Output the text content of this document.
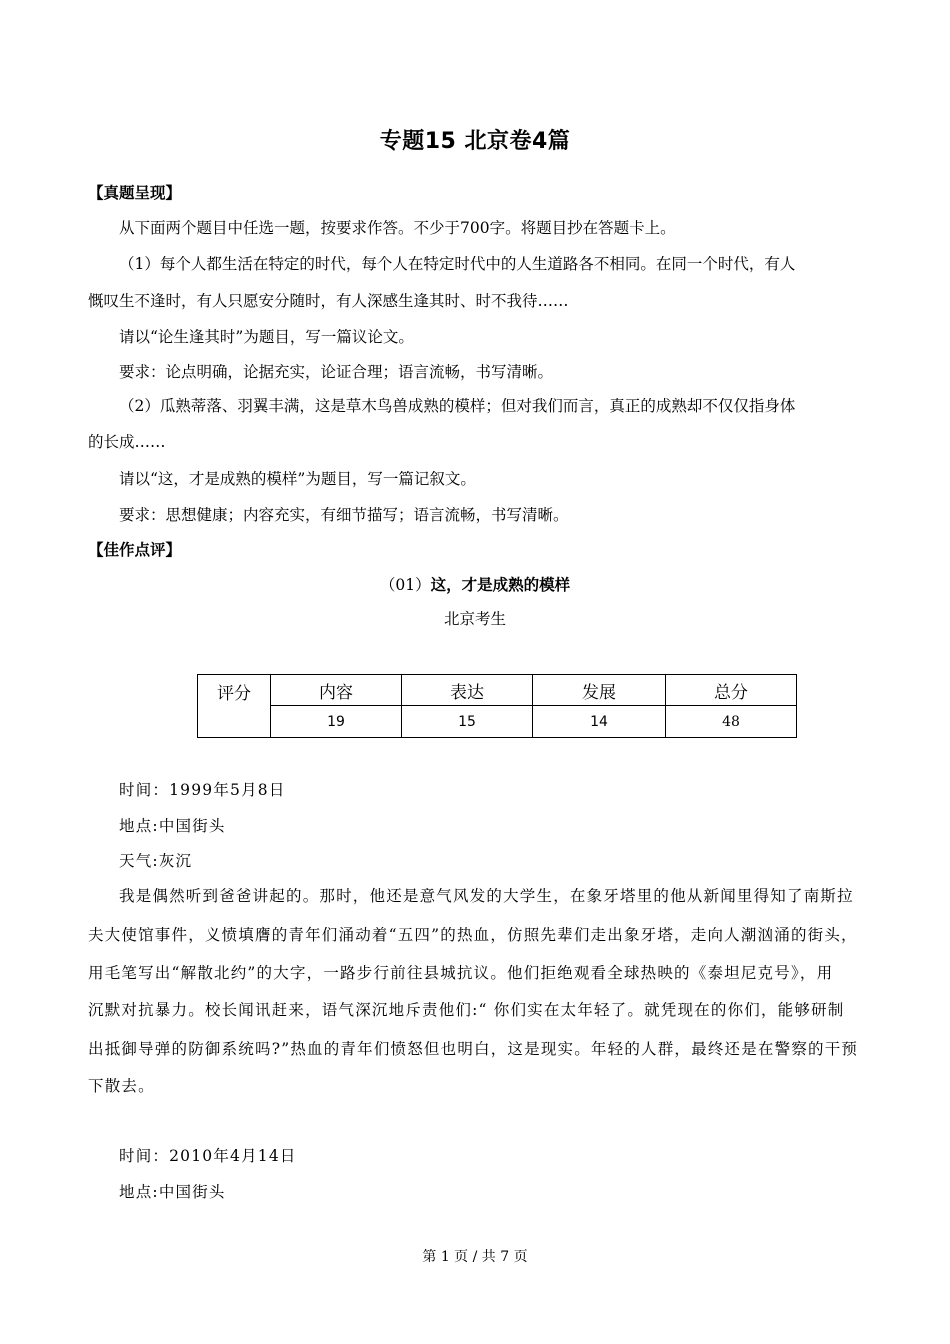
专题15 北京卷4篇
【真题呈现】
从下面两个题目中任选一题，按要求作答。不少于700字。将题目抄在答题卡上。
（1）每个人都生活在特定的时代，每个人在特定时代中的人生道路各不相同。在同一个时代，有人
慨叹生不逢时，有人只愿安分随时，有人深感生逢其时、时不我待……
请以“论生逢其时”为题目，写一篇议论文。
要求：论点明确，论据充实，论证合理；语言流畅，书写清晰。
（2）瓜熟蒂落、羽翼丰满，这是草木鸟兽成熟的模样；但对我们而言，真正的成熟却不仅仅指身体
的长成……
请以“这，才是成熟的模样”为题目，写一篇记叙文。
要求：思想健康；内容充实，有细节描写；语言流畅，书写清晰。
【佳作点评】
（01）这，才是成熟的模样
北京考生
评分	内容	表达	发展	总分
	19	15	14	48
时间：1999年5月8日
地点:中国街头
天气:灰沉
我是偶然听到爸爸讲起的。那时，他还是意气风发的大学生，在象牙塔里的他从新闻里得知了南斯拉
夫大使馆事件，义愤填膺的青年们涌动着“五四”的热血，仿照先辈们走出象牙塔，走向人潮汹涌的街头，
用毛笔写出“解散北约”的大字，一路步行前往县城抗议。他们拒绝观看全球热映的《泰坦尼克号》，用
沉默对抗暴力。校长闻讯赶来，语气深沉地斥责他们:“ 你们实在太年轻了。就凭现在的你们，能够研制
出抵御导弹的防御系统吗?”热血的青年们愤怒但也明白，这是现实。年轻的人群，最终还是在警察的干预
下散去。
时间：2010年4月14日
地点:中国街头
第 1 页 / 共 7 页
